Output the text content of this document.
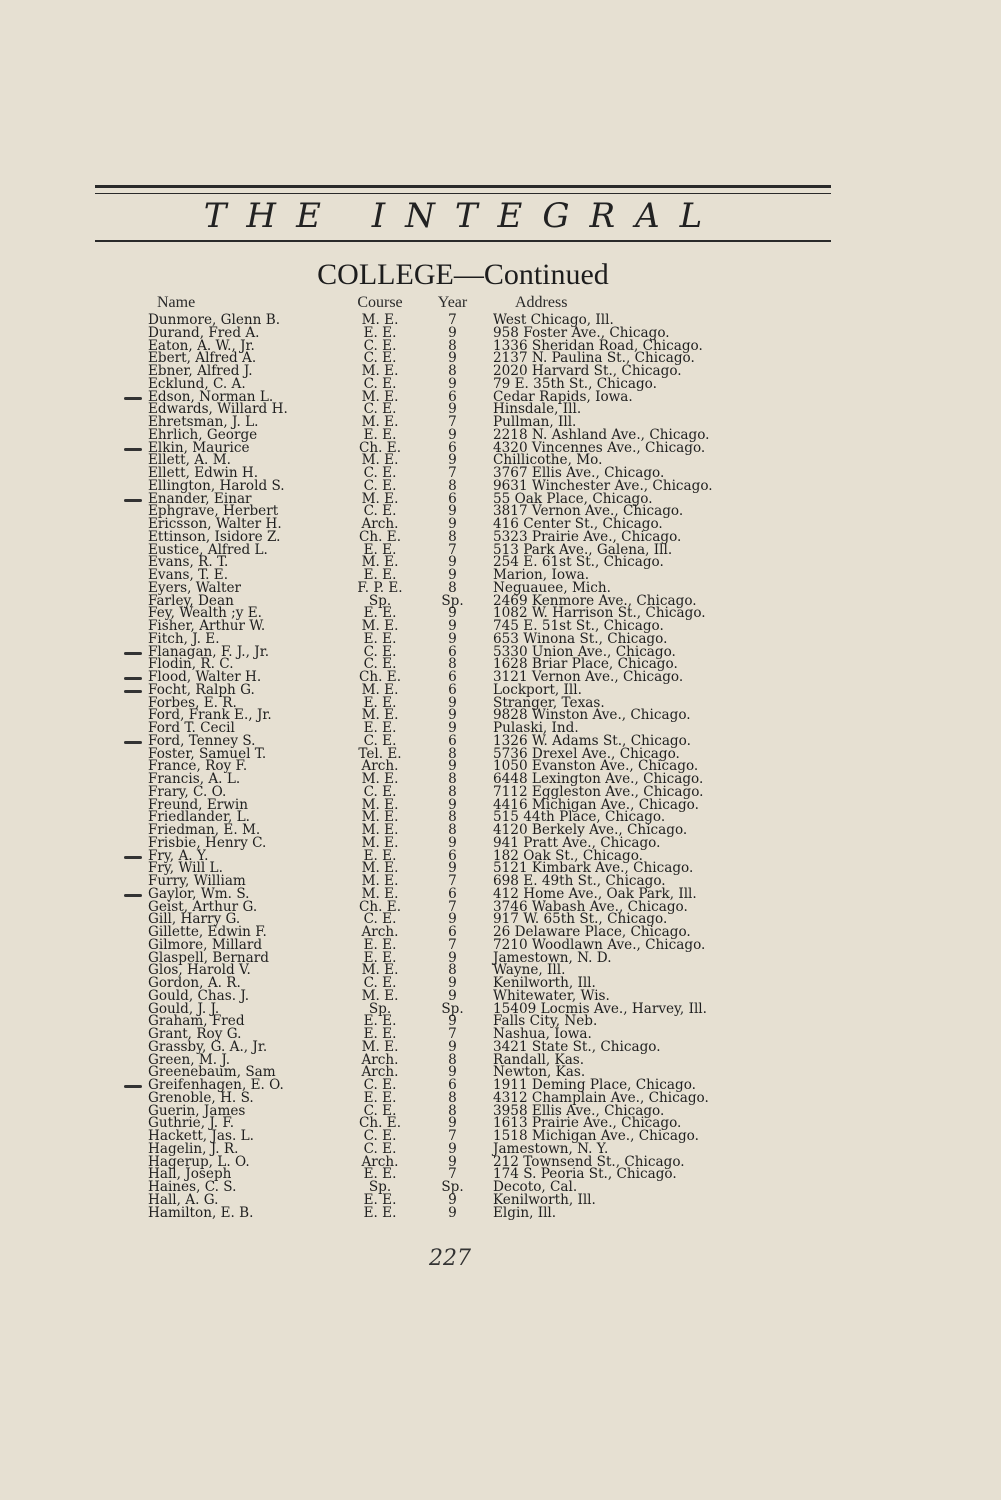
THE INTEGRAL
COLLEGE—Continued
Name	Course	Year	Address
Dunmore, Glenn B.	M. E.	7	West Chicago, Ill.
Durand, Fred A.	E. E.	9	958 Foster Ave., Chicago.
Eaton, A. W., Jr.	C. E.	8	1336 Sheridan Road, Chicago.
Ebert, Alfred A.	C. E.	9	2137 N. Paulina St., Chicago.
Ebner, Alfred J.	M. E.	8	2020 Harvard St., Chicago.
Ecklund, C. A.	C. E.	9	79 E. 35th St., Chicago.
Edson, Norman L.	M. E.	6	Cedar Rapids, Iowa.
Edwards, Willard H.	C. E.	9	Hinsdale, Ill.
Ehretsman, J. L.	M. E.	7	Pullman, Ill.
Ehrlich, George	E. E.	9	2218 N. Ashland Ave., Chicago.
Elkin, Maurice	Ch. E.	6	4320 Vincennes Ave., Chicago.
Ellett, A. M.	M. E.	9	Chillicothe, Mo.
Ellett, Edwin H.	C. E.	7	3767 Ellis Ave., Chicago.
Ellington, Harold S.	C. E.	8	9631 Winchester Ave., Chicago.
Enander, Einar	M. E.	6	55 Oak Place, Chicago.
Ephgrave, Herbert	C. E.	9	3817 Vernon Ave., Chicago.
Ericsson, Walter H.	Arch.	9	416 Center St., Chicago.
Ettinson, Isidore Z.	Ch. E.	8	5323 Prairie Ave., Chicago.
Eustice, Alfred L.	E. E.	7	513 Park Ave., Galena, Ill.
Evans, R. T.	M. E.	9	254 E. 61st St., Chicago.
Evans, T. E.	E. E.	9	Marion, Iowa.
Eyers, Walter	F. P. E.	8	Neguauee, Mich.
Farley, Dean	Sp.	Sp.	2469 Kenmore Ave., Chicago.
Fey, Wealth ;y E.	E. E.	9	1082 W. Harrison St., Chicago.
Fisher, Arthur W.	M. E.	9	745 E. 51st St., Chicago.
Fitch, J. E.	E. E.	9	653 Winona St., Chicago.
Flanagan, F. J., Jr.	C. E.	6	5330 Union Ave., Chicago.
Flodin, R. C.	C. E.	8	1628 Briar Place, Chicago.
Flood, Walter H.	Ch. E.	6	3121 Vernon Ave., Chicago.
Focht, Ralph G.	M. E.	6	Lockport, Ill.
Forbes, E. R.	E. E.	9	Stranger, Texas.
Ford, Frank E., Jr.	M. E.	9	9828 Winston Ave., Chicago.
Ford T. Cecil	E. E.	9	Pulaski, Ind.
Ford, Tenney S.	C. E.	6	1326 W. Adams St., Chicago.
Foster, Samuel T.	Tel. E.	8	5736 Drexel Ave., Chicago.
France, Roy F.	Arch.	9	1050 Evanston Ave., Chicago.
Francis, A. L.	M. E.	8	6448 Lexington Ave., Chicago.
Frary, C. O.	C. E.	8	7112 Eggleston Ave., Chicago.
Freund, Erwin	M. E.	9	4416 Michigan Ave., Chicago.
Friedlander, L.	M. E.	8	515 44th Place, Chicago.
Friedman, E. M.	M. E.	8	4120 Berkely Ave., Chicago.
Frisbie, Henry C.	M. E.	9	941 Pratt Ave., Chicago.
Fry, A. Y.	E. E.	6	182 Oak St., Chicago.
Fry, Will L.	M. E.	9	5121 Kimbark Ave., Chicago.
Furry, William	M. E.	7	698 E. 49th St., Chicago.
Gaylor, Wm. S.	M. E.	6	412 Home Ave., Oak Park, Ill.
Geist, Arthur G.	Ch. E.	7	3746 Wabash Ave., Chicago.
Gill, Harry G.	C. E.	9	917 W. 65th St., Chicago.
Gillette, Edwin F.	Arch.	6	26 Delaware Place, Chicago.
Gilmore, Millard	E. E.	7	7210 Woodlawn Ave., Chicago.
Glaspell, Bernard	E. E.	9	Jamestown, N. D.
Glos, Harold V.	M. E.	8	Wayne, Ill.
Gordon, A. R.	C. E.	9	Kenilworth, Ill.
Gould, Chas. J.	M. E.	9	Whitewater, Wis.
Gould, J. J.	Sp.	Sp.	15409 Locmis Ave., Harvey, Ill.
Graham, Fred	E. E.	9	Falls City, Neb.
Grant, Roy G.	E. E.	7	Nashua, Iowa.
Grassby, G. A., Jr.	M. E.	9	3421 State St., Chicago.
Green, M. J.	Arch.	8	Randall, Kas.
Greenebaum, Sam	Arch.	9	Newton, Kas.
Greifenhagen, E. O.	C. E.	6	1911 Deming Place, Chicago.
Grenoble, H. S.	E. E.	8	4312 Champlain Ave., Chicago.
Guerin, James	C. E.	8	3958 Ellis Ave., Chicago.
Guthrie, J. F.	Ch. E.	9	1613 Prairie Ave., Chicago.
Hackett, Jas. L.	C. E.	7	1518 Michigan Ave., Chicago.
Hagelin, J. R.	C. E.	9	Jamestown, N. Y.
Hagerup, L. O.	Arch.	9	212 Townsend St., Chicago.
Hall, Joseph	E. E.	7	174 S. Peoria St., Chicago.
Haines, C. S.	Sp.	Sp.	Decoto, Cal.
Hall, A. G.	E. E.	9	Kenilworth, Ill.
Hamilton, E. B.	E. E.	9	Elgin, Ill.
227
